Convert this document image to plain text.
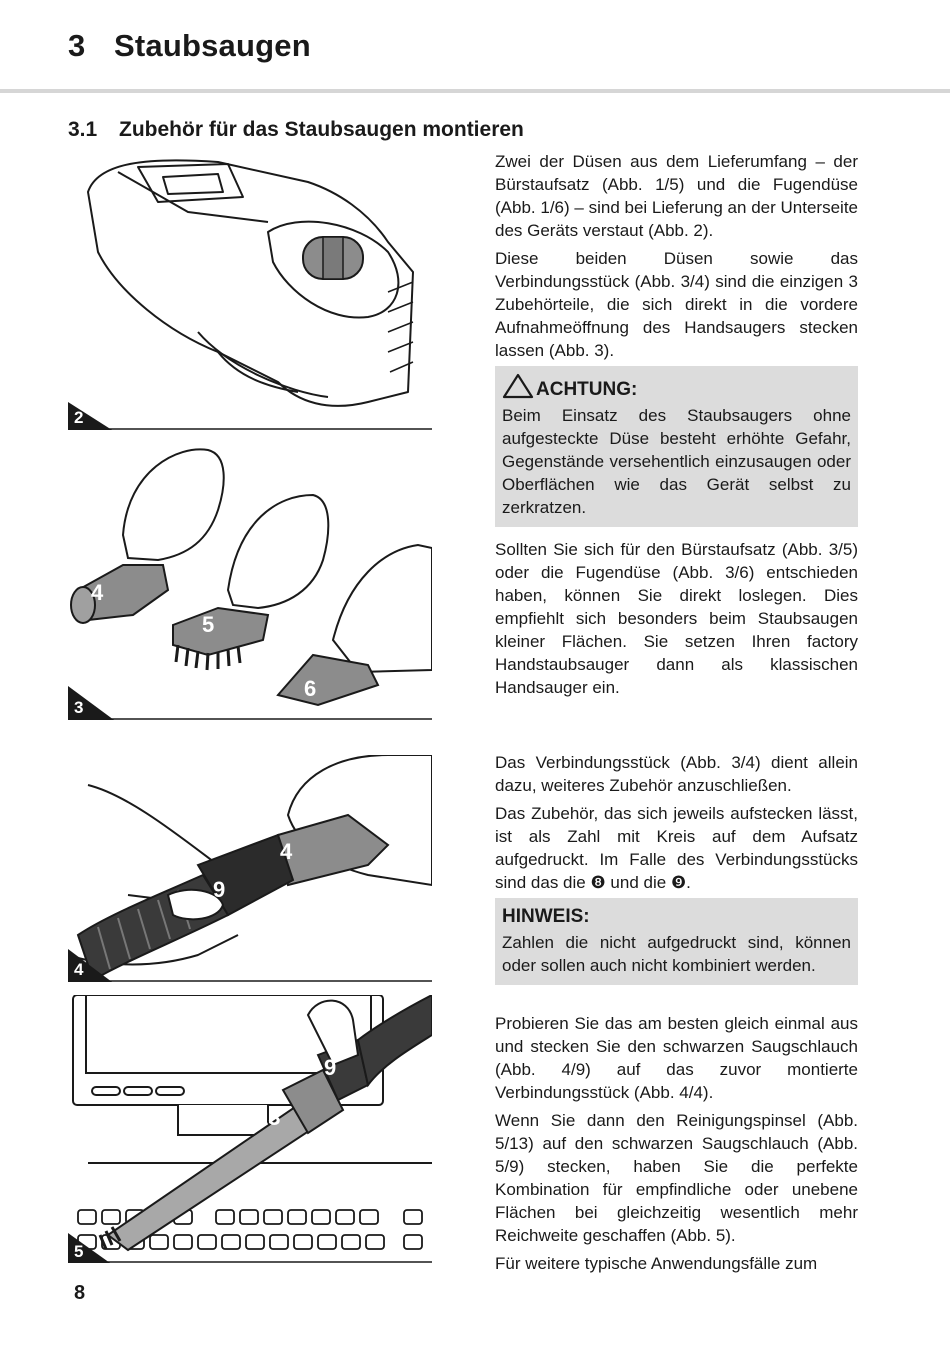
3 Staubsaugen
3.1 Zubehör für das Staubsaugen montieren
2
4
5
6
3
4
9
4
9
13
5

Zwei der Düsen aus dem Lieferumfang – der Bürstaufsatz (Abb. 1/5) und die Fugendüse (Abb. 1/6) – sind bei Lieferung an der Unterseite des Geräts verstaut (Abb. 2).

Diese beiden Düsen sowie das Verbindungsstück (Abb. 3/4) sind die einzigen 3 Zubehörteile, die sich direkt in die vordere Aufnahmeöffnung des Handsaugers stecken lassen (Abb. 3).

ACHTUNG:

Beim Einsatz des Staubsaugers ohne aufgesteckte Düse besteht erhöhte Gefahr, Gegenstände versehentlich einzusaugen oder Oberflächen wie das Gerät selbst zu zerkratzen.

Sollten Sie sich für den Bürstaufsatz (Abb. 3/5) oder die Fugendüse (Abb. 3/6) entschieden haben, können Sie direkt loslegen. Dies empfiehlt sich besonders beim Staubsaugen kleiner Flächen. Sie setzen Ihren factory Handstaubsauger dann als klassischen Handsauger ein.

Das Verbindungsstück (Abb. 3/4) dient allein dazu, weiteres Zubehör anzuschließen.

Das Zubehör, das sich jeweils aufstecken lässt, ist als Zahl mit Kreis auf dem Aufsatz aufgedruckt. Im Falle des Verbindungsstücks sind das die ❽ und die ❾.

HINWEIS:

Zahlen die nicht aufgedruckt sind, können oder sollen auch nicht kombiniert werden.

Probieren Sie das am besten gleich einmal aus und stecken Sie den schwarzen Saugschlauch (Abb. 4/9) auf das zuvor montierte Verbindungsstück (Abb. 4/4).

Wenn Sie dann den Reinigungspinsel (Abb. 5/13) auf den schwarzen Saugschlauch (Abb. 5/9) stecken, haben Sie die perfekte Kombination für empfindliche oder unebene Flächen bei gleichzeitig wesentlich mehr Reichweite geschaffen (Abb. 5).

Für weitere typische Anwendungsfälle zum

8
